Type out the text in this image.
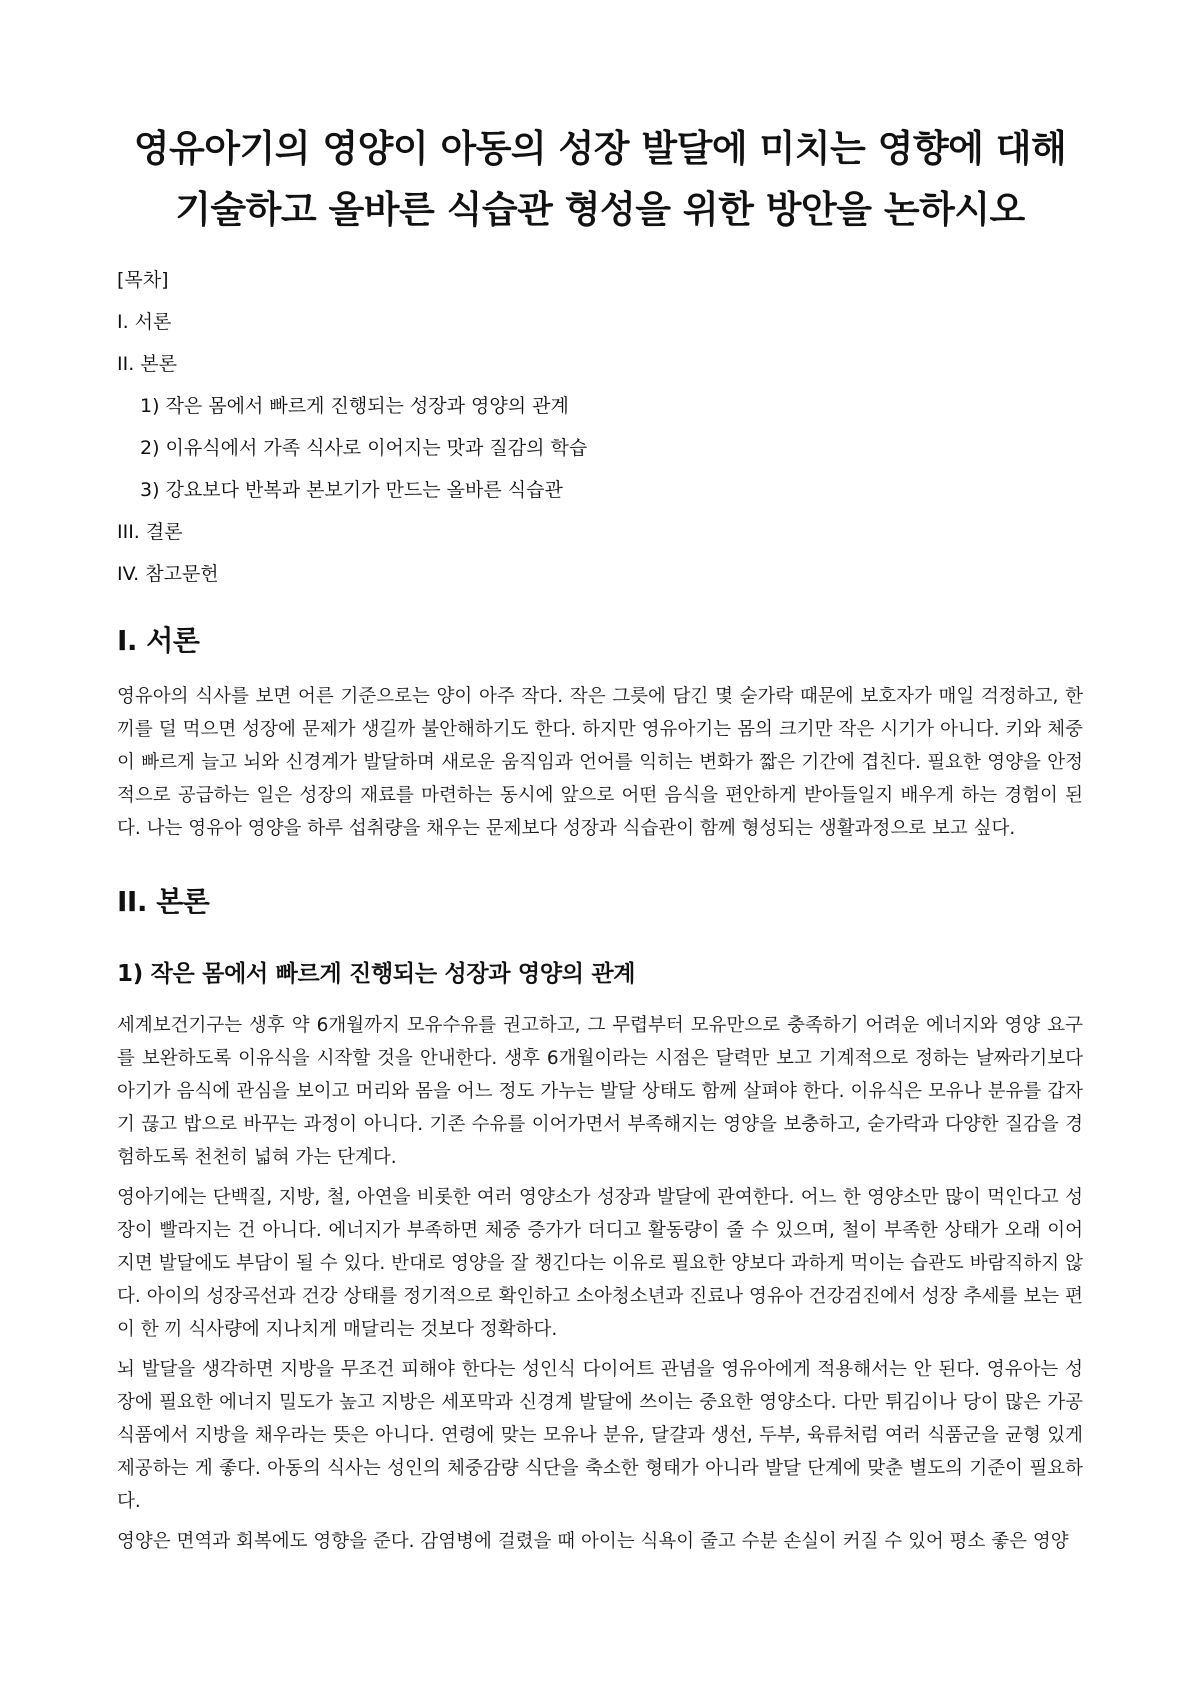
영유아기의 영양이 아동의 성장 발달에 미치는 영향에 대해 기술하고 올바른 식습관 형성을 위한 방안을 논하시오
[목차]
I. 서론
II. 본론
1) 작은 몸에서 빠르게 진행되는 성장과 영양의 관계
2) 이유식에서 가족 식사로 이어지는 맛과 질감의 학습
3) 강요보다 반복과 본보기가 만드는 올바른 식습관
III. 결론
IV. 참고문헌
I. 서론

영유아의 식사를 보면 어른 기준으로는 양이 아주 작다. 작은 그릇에 담긴 몇 숟가락 때문에 보호자가 매일 걱정하고, 한 끼를 덜 먹으면 성장에 문제가 생길까 불안해하기도 한다. 하지만 영유아기는 몸의 크기만 작은 시기가 아니다. 키와 체중이 빠르게 늘고 뇌와 신경계가 발달하며 새로운 움직임과 언어를 익히는 변화가 짧은 기간에 겹친다. 필요한 영양을 안정적으로 공급하는 일은 성장의 재료를 마련하는 동시에 앞으로 어떤 음식을 편안하게 받아들일지 배우게 하는 경험이 된다. 나는 영유아 영양을 하루 섭취량을 채우는 문제보다 성장과 식습관이 함께 형성되는 생활과정으로 보고 싶다.

II. 본론
1) 작은 몸에서 빠르게 진행되는 성장과 영양의 관계

세계보건기구는 생후 약 6개월까지 모유수유를 권고하고, 그 무렵부터 모유만으로 충족하기 어려운 에너지와 영양 요구를 보완하도록 이유식을 시작할 것을 안내한다. 생후 6개월이라는 시점은 달력만 보고 기계적으로 정하는 날짜라기보다 아기가 음식에 관심을 보이고 머리와 몸을 어느 정도 가누는 발달 상태도 함께 살펴야 한다. 이유식은 모유나 분유를 갑자기 끊고 밥으로 바꾸는 과정이 아니다. 기존 수유를 이어가면서 부족해지는 영양을 보충하고, 숟가락과 다양한 질감을 경험하도록 천천히 넓혀 가는 단계다.

영아기에는 단백질, 지방, 철, 아연을 비롯한 여러 영양소가 성장과 발달에 관여한다. 어느 한 영양소만 많이 먹인다고 성장이 빨라지는 건 아니다. 에너지가 부족하면 체중 증가가 더디고 활동량이 줄 수 있으며, 철이 부족한 상태가 오래 이어지면 발달에도 부담이 될 수 있다. 반대로 영양을 잘 챙긴다는 이유로 필요한 양보다 과하게 먹이는 습관도 바람직하지 않다. 아이의 성장곡선과 건강 상태를 정기적으로 확인하고 소아청소년과 진료나 영유아 건강검진에서 성장 추세를 보는 편이 한 끼 식사량에 지나치게 매달리는 것보다 정확하다.

뇌 발달을 생각하면 지방을 무조건 피해야 한다는 성인식 다이어트 관념을 영유아에게 적용해서는 안 된다. 영유아는 성장에 필요한 에너지 밀도가 높고 지방은 세포막과 신경계 발달에 쓰이는 중요한 영양소다. 다만 튀김이나 당이 많은 가공식품에서 지방을 채우라는 뜻은 아니다. 연령에 맞는 모유나 분유, 달걀과 생선, 두부, 육류처럼 여러 식품군을 균형 있게 제공하는 게 좋다. 아동의 식사는 성인의 체중감량 식단을 축소한 형태가 아니라 발달 단계에 맞춘 별도의 기준이 필요하다.

영양은 면역과 회복에도 영향을 준다. 감염병에 걸렸을 때 아이는 식욕이 줄고 수분 손실이 커질 수 있어 평소 좋은 영양
